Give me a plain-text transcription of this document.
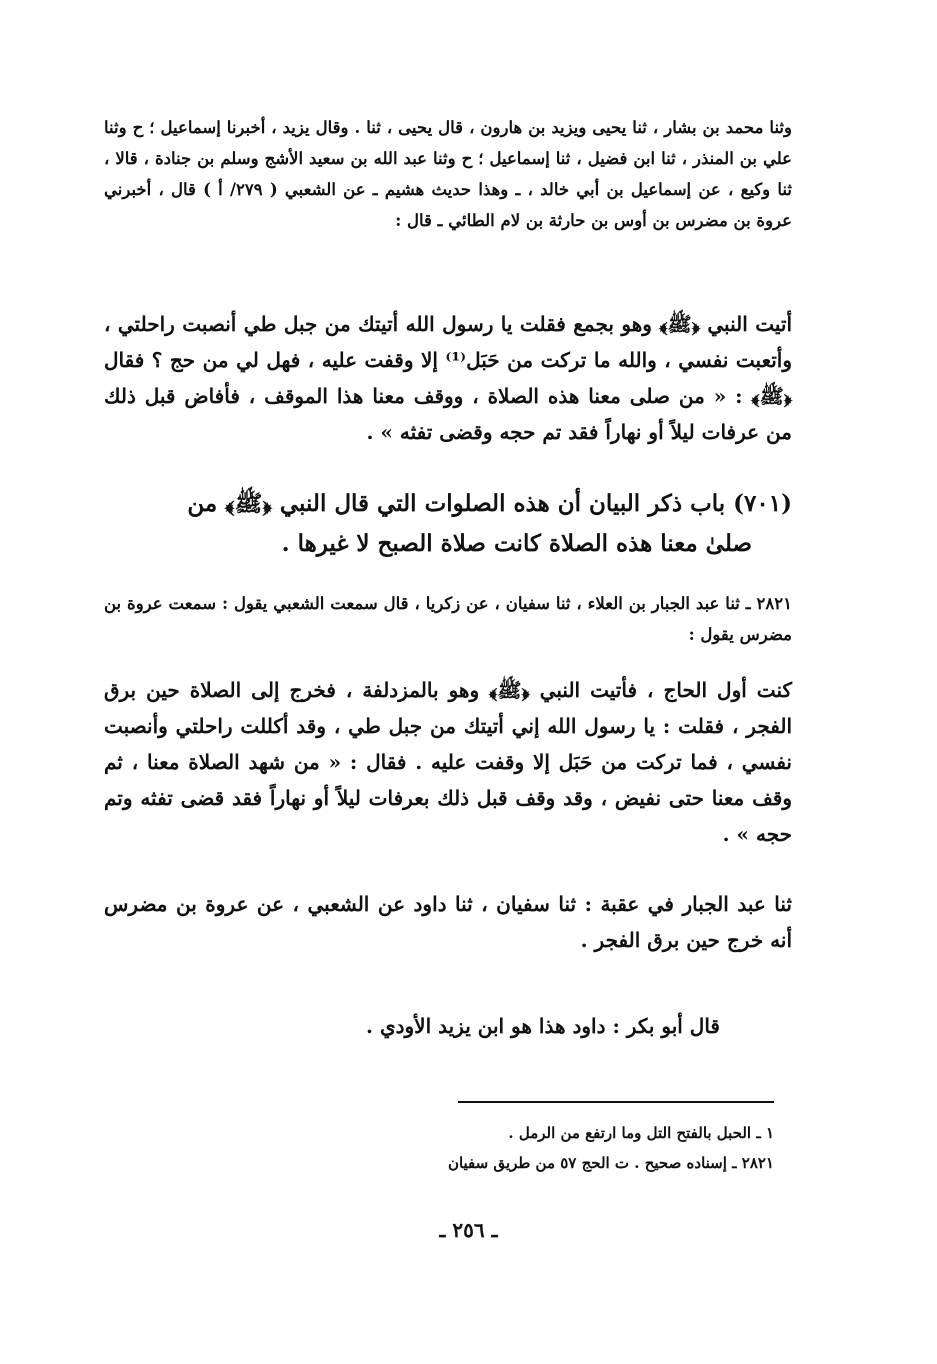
وثنا محمد بن بشار ، ثنا يحيى ويزيد بن هارون ، قال يحيى ، ثنا . وقال يزيد ، أخبرنا إسماعيل ؛ ح وثنا علي بن المنذر ، ثنا ابن فضيل ، ثنا إسماعيل ؛ ح وثنا عبد الله بن سعيد الأشج وسلم بن جنادة ، قالا ، ثنا وكيع ، عن إسماعيل بن أبي خالد ، ـ وهذا حديث هشيم ـ عن الشعبي ( ٢٧٩/ أ ) قال ، أخبرني عروة بن مضرس بن أوس بن حارثة بن لام الطائي ـ قال :

أتيت النبي ﴿ﷺ﴾ وهو بجمع فقلت يا رسول الله أتيتك من جبل طي أنصبت راحلتي ، وأتعبت نفسي ، والله ما تركت من حَبَل⁽¹⁾ إلا وقفت عليه ، فهل لي من حج ؟ فقال ﴿ﷺ﴾ : « من صلى معنا هذه الصلاة ، ووقف معنا هذا الموقف ، فأفاض قبل ذلك من عرفات ليلاً أو نهاراً فقد تم حجه وقضى تفثه » .

(٧٠١) باب ذكر البيان أن هذه الصلوات التي قال النبي ﴿ﷺ﴾ من
صلىٰ معنا هذه الصلاة كانت صلاة الصبح لا غيرها .

٢٨٢١ ـ ثنا عبد الجبار بن العلاء ، ثنا سفيان ، عن زكريا ، قال سمعت الشعبي يقول : سمعت عروة بن مضرس يقول :

كنت أول الحاج ، فأتيت النبي ﴿ﷺ﴾ وهو بالمزدلفة ، فخرج إلى الصلاة حين برق الفجر ، فقلت : يا رسول الله إني أتيتك من جبل طي ، وقد أكللت راحلتي وأنصبت نفسي ، فما تركت من حَبَل إلا وقفت عليه . فقال : « من شهد الصلاة معنا ، ثم وقف معنا حتى نفيض ، وقد وقف قبل ذلك بعرفات ليلاً أو نهاراً فقد قضى تفثه وتم حجه » .

ثنا عبد الجبار في عقبة : ثنا سفيان ، ثنا داود عن الشعبي ، عن عروة بن مضرس أنه خرج حين برق الفجر .

قال أبو بكر : داود هذا هو ابن يزيد الأودي .

١ ـ الحبل بالفتح التل وما ارتفع من الرمل .

٢٨٢١ ـ إسناده صحيح . ت الحج ٥٧ من طريق سفيان

ـ ٢٥٦ ـ
